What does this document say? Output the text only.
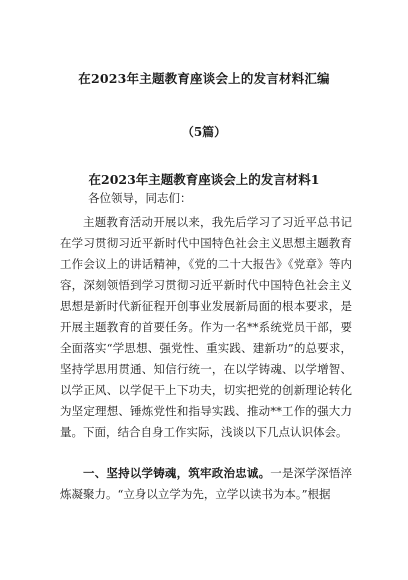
在2023年主题教育座谈会上的发言材料汇编
（5篇）
在2023年主题教育座谈会上的发言材料1
各位领导，同志们：
主题教育活动开展以来，我先后学习了习近平总书记在学习贯彻习近平新时代中国特色社会主义思想主题教育工作会议上的讲话精神，《党的二十大报告》《党章》等内容，深刻领悟到学习贯彻习近平新时代中国特色社会主义思想是新时代新征程开创事业发展新局面的根本要求，是开展主题教育的首要任务。作为一名**系统党员干部，要全面落实“学思想、强党性、重实践、建新功”的总要求，坚持学思用贯通、知信行统一，在以学铸魂、以学增智、以学正风、以学促干上下功夫，切实把党的创新理论转化为坚定理想、锤炼党性和指导实践、推动**工作的强大力量。下面，结合自身工作实际，浅谈以下几点认识体会。
一、坚持以学铸魂，筑牢政治忠诚。一是深学深悟淬炼凝聚力。“立身以立学为先，立学以读书为本。”根据
